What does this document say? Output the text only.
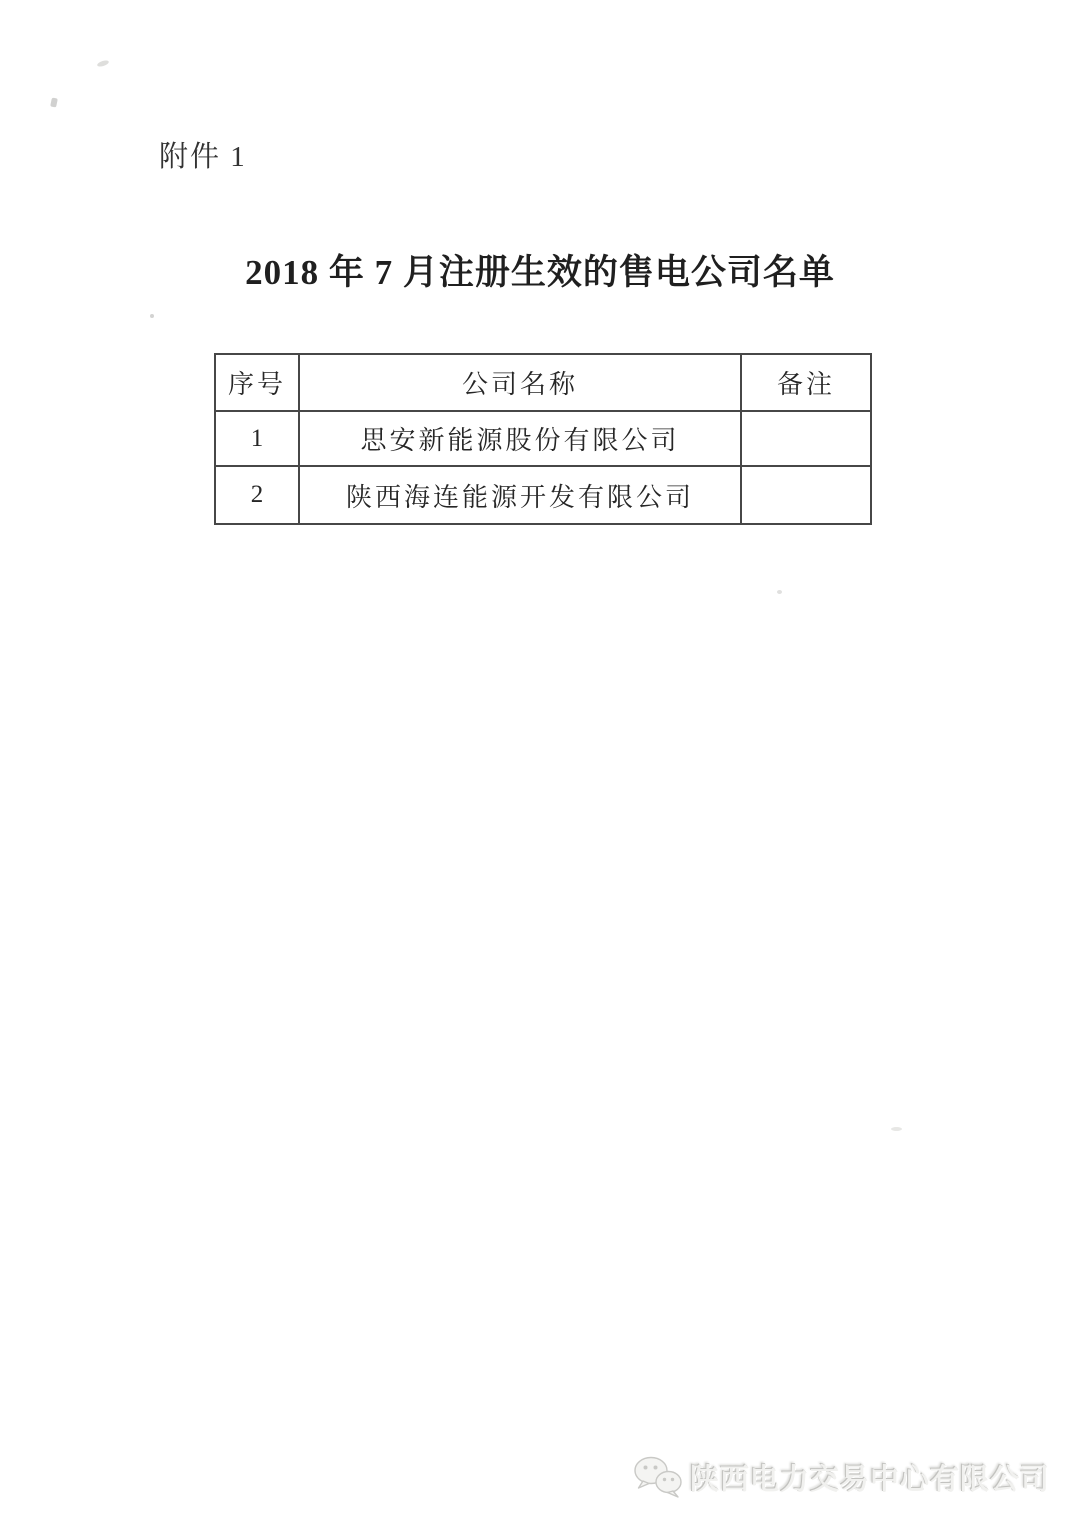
附件 1
2018 年 7 月注册生效的售电公司名单
序号	公司名称	备注
1	思安新能源股份有限公司	
2	陕西海连能源开发有限公司	
陕西电力交易中心有限公司
